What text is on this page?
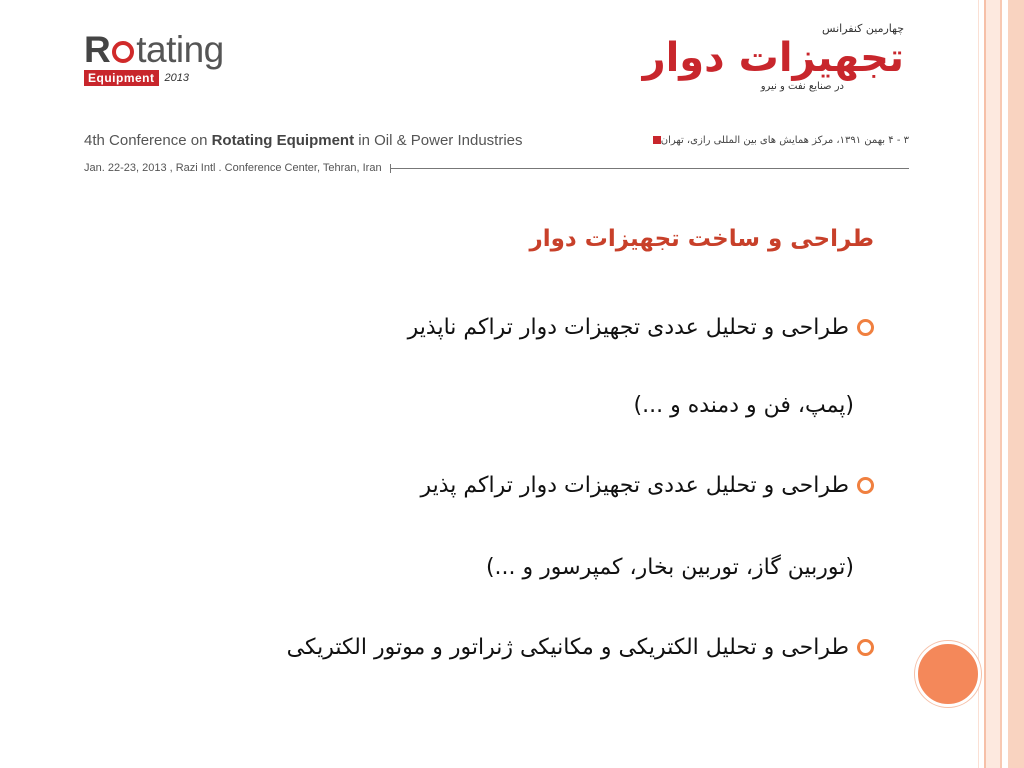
R tating
Equipment 2013
چهارمین کنفرانس
تجهیزات دوار
در صنایع نفت و نیرو
4th Conference on Rotating Equipment in Oil & Power Industries	۳ - ۴ بهمن ۱۳۹۱، مرکز همایش های بین المللی رازی، تهران
Jan. 22-23, 2013 , Razi Intl . Conference Center, Tehran, Iran
طراحی و ساخت تجهیزات دوار
طراحی و تحلیل عددی تجهیزات دوار تراکم ناپذیر
(پمپ، فن و دمنده و ...)
طراحی و تحلیل عددی تجهیزات دوار تراکم پذیر
(توربین گاز، توربین بخار، کمپرسور و ...)
طراحی و تحلیل الکتریکی و مکانیکی ژنراتور و موتور الکتریکی
